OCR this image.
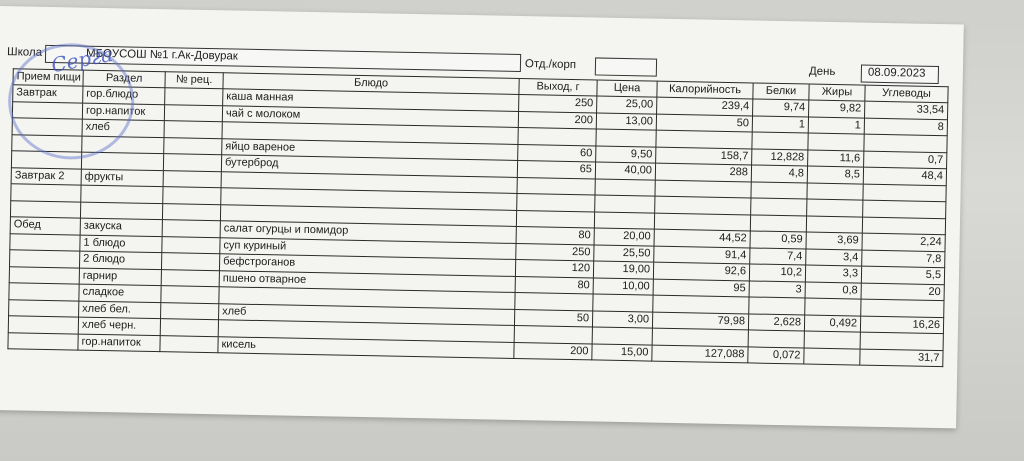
Школа	МБОУСОШ №1 г.Ак-Довурак
Отд./корп
День	08.09.2023
Прием пищи	Раздел	№ рец.	Блюдо	Выход, г	Цена	Калорийность	Белки	Жиры	Углеводы
Завтрак	гор.блюдо		каша манная	250	25,00	239,4	9,74	9,82	33,54
	гор.напиток		чай с молоком	200	13,00	50	1	1	8
	хлеб								
			яйцо вареное	60	9,50	158,7	12,828	11,6	0,7
			бутерброд	65	40,00	288	4,8	8,5	48,4
Завтрак 2	фрукты								

Обед	закуска		салат огурцы и помидор	80	20,00	44,52	0,59	3,69	2,24
	1 блюдо		суп куриный	250	25,50	91,4	7,4	3,4	7,8
	2 блюдо		бефстроганов	120	19,00	92,6	10,2	3,3	5,5
	гарнир		пшено отварное	80	10,00	95	3	0,8	20
	сладкое								
	хлеб бел.		хлеб	50	3,00	79,98	2,628	0,492	16,26
	хлеб черн.								
	гор.напиток		кисель	200	15,00	127,088	0,072		31,7
Серга
